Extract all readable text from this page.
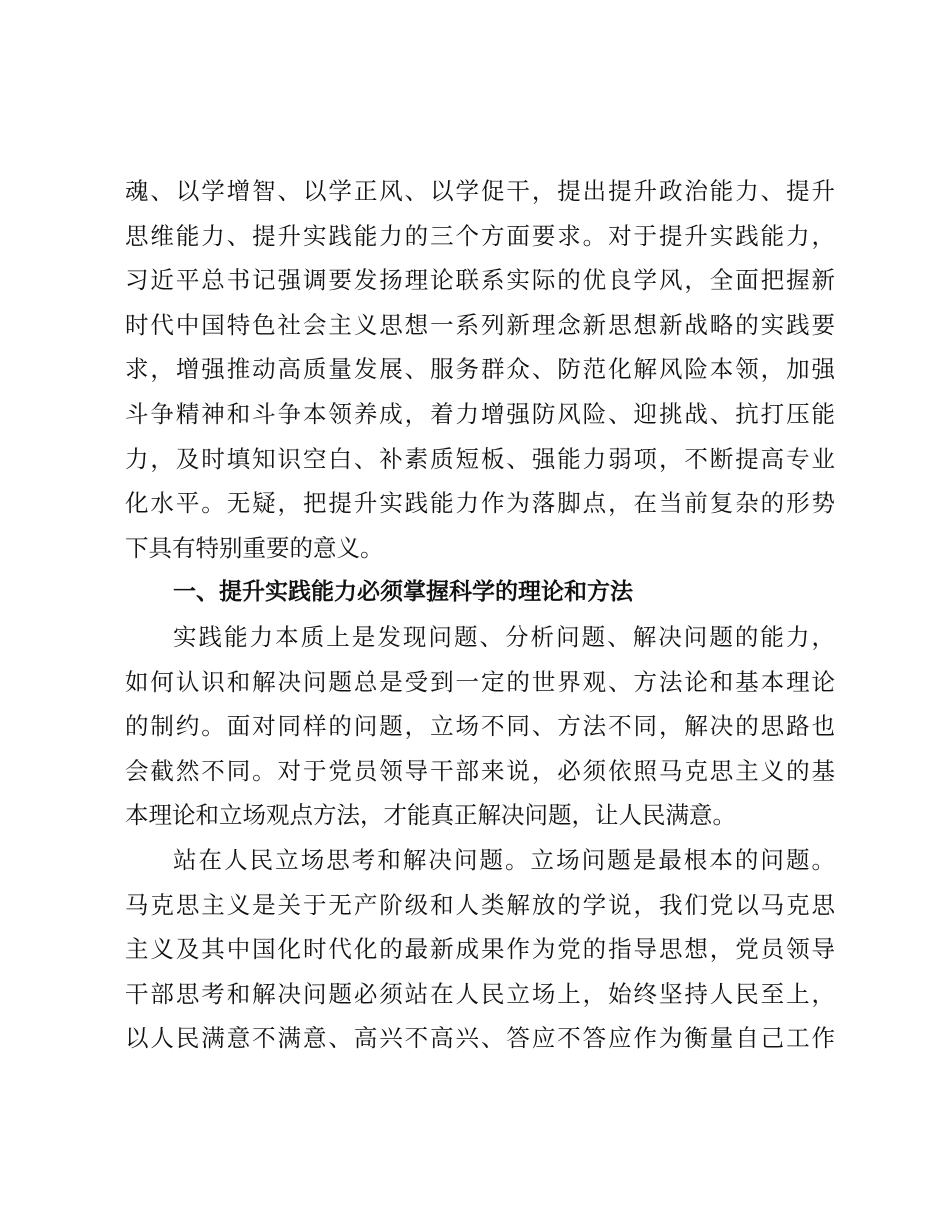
魂、以学增智、以学正风、以学促干，提出提升政治能力、提升
思维能力、提升实践能力的三个方面要求。对于提升实践能力，
习近平总书记强调要发扬理论联系实际的优良学风，全面把握新
时代中国特色社会主义思想一系列新理念新思想新战略的实践要
求，增强推动高质量发展、服务群众、防范化解风险本领，加强
斗争精神和斗争本领养成，着力增强防风险、迎挑战、抗打压能
力，及时填知识空白、补素质短板、强能力弱项，不断提高专业
化水平。无疑，把提升实践能力作为落脚点，在当前复杂的形势
下具有特别重要的意义。
一、提升实践能力必须掌握科学的理论和方法
实践能力本质上是发现问题、分析问题、解决问题的能力，
如何认识和解决问题总是受到一定的世界观、方法论和基本理论
的制约。面对同样的问题，立场不同、方法不同，解决的思路也
会截然不同。对于党员领导干部来说，必须依照马克思主义的基
本理论和立场观点方法，才能真正解决问题，让人民满意。
站在人民立场思考和解决问题。立场问题是最根本的问题。
马克思主义是关于无产阶级和人类解放的学说，我们党以马克思
主义及其中国化时代化的最新成果作为党的指导思想，党员领导
干部思考和解决问题必须站在人民立场上，始终坚持人民至上，
以人民满意不满意、高兴不高兴、答应不答应作为衡量自己工作
